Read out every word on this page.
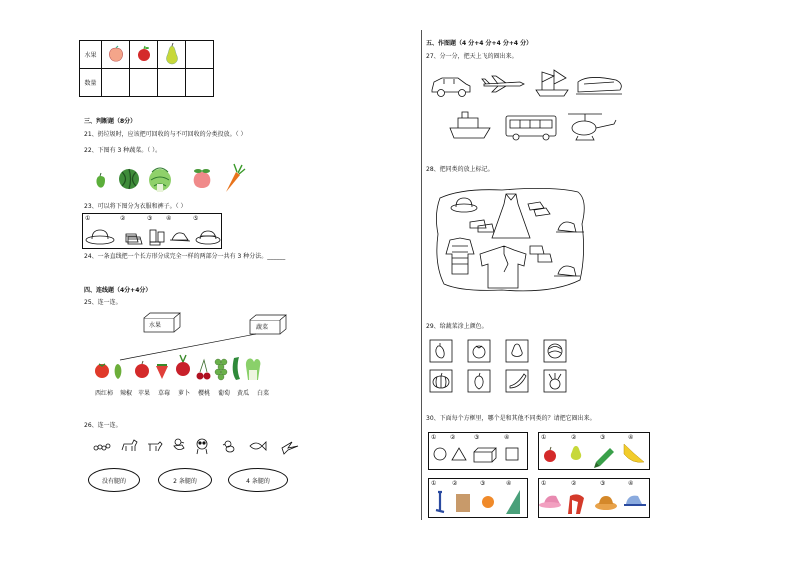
水果				
数量				
三、判断题（8分）
21、扔垃圾时，应该把可回收的与不可回收的分类投放。（ ）
22、下图有 3 种蔬菜。（ ）。
23、可以将下图分为衣服和裤子。（ ）
①	②	③ ④	⑤
24、一条直线把一个长方形分成完全一样的两部分一共有 3 种分法。______
四、连线题（4分+4分）
25、连一连。
水果	蔬菜
西红柿 辣椒 苹果 草莓 萝卜 樱桃 葡萄 黄瓜 白菜
26、连一连。
没有腿的	2 条腿的	4 条腿的
五、作图题（4 分+4 分+4 分+4 分）
27、分一分，把天上飞的圈出来。
28、把同类的放上标记。
29、给蔬菜涂上颜色。
30、下面每个方框里，哪个是和其他不同类的？请把它圈出来。
① ②	③	④	①	②	③	④
①	②	③	④	①	②	③	④
